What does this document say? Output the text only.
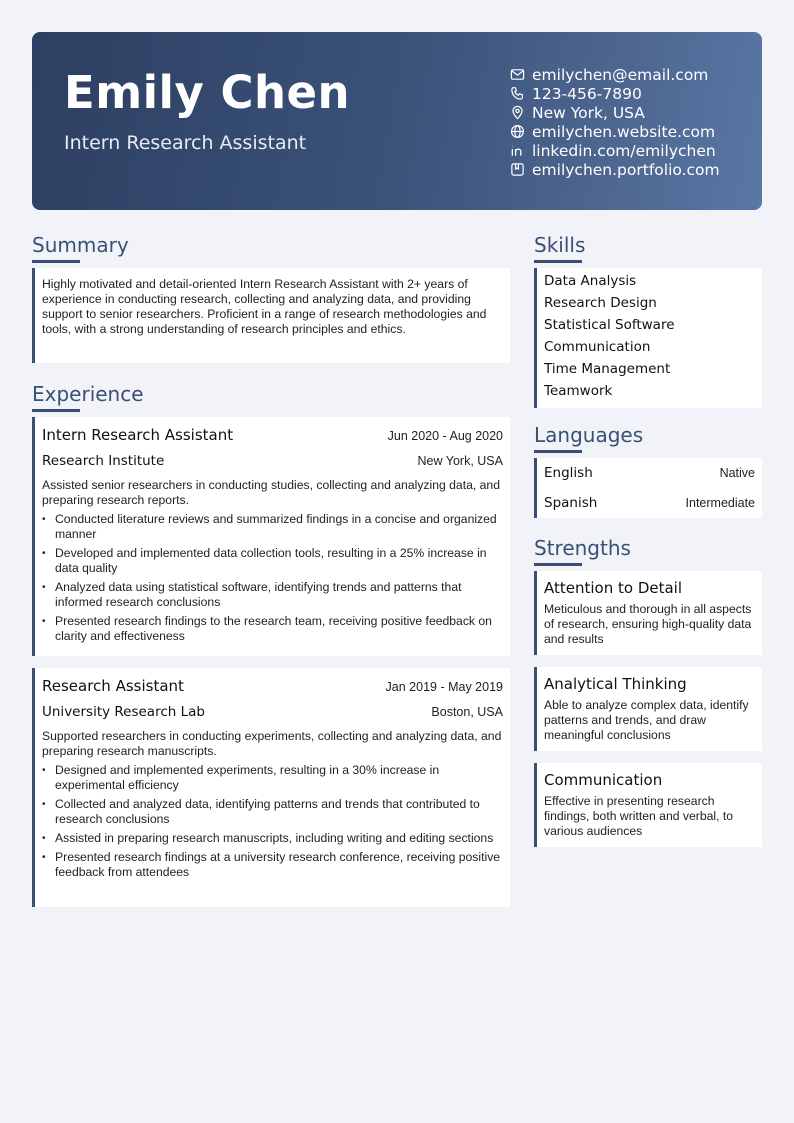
Emily Chen
Intern Research Assistant
emilychen@email.com
123-456-7890
New York, USA
emilychen.website.com
linkedin.com/emilychen
emilychen.portfolio.com
Summary
Highly motivated and detail-oriented Intern Research Assistant with 2+ years of experience in conducting research, collecting and analyzing data, and providing support to senior researchers. Proficient in a range of research methodologies and tools, with a strong understanding of research principles and ethics.
Experience
Intern Research Assistant	Jun 2020 - Aug 2020
Research Institute	New York, USA
Assisted senior researchers in conducting studies, collecting and analyzing data, and preparing research reports.
• Conducted literature reviews and summarized findings in a concise and organized manner
• Developed and implemented data collection tools, resulting in a 25% increase in data quality
• Analyzed data using statistical software, identifying trends and patterns that informed research conclusions
• Presented research findings to the research team, receiving positive feedback on clarity and effectiveness
Research Assistant	Jan 2019 - May 2019
University Research Lab	Boston, USA
Supported researchers in conducting experiments, collecting and analyzing data, and preparing research manuscripts.
• Designed and implemented experiments, resulting in a 30% increase in experimental efficiency
• Collected and analyzed data, identifying patterns and trends that contributed to research conclusions
• Assisted in preparing research manuscripts, including writing and editing sections
• Presented research findings at a university research conference, receiving positive feedback from attendees
Skills
Data Analysis
Research Design
Statistical Software
Communication
Time Management
Teamwork
Languages
English	Native
Spanish	Intermediate
Strengths
Attention to Detail
Meticulous and thorough in all aspects of research, ensuring high-quality data and results
Analytical Thinking
Able to analyze complex data, identify patterns and trends, and draw meaningful conclusions
Communication
Effective in presenting research findings, both written and verbal, to various audiences
